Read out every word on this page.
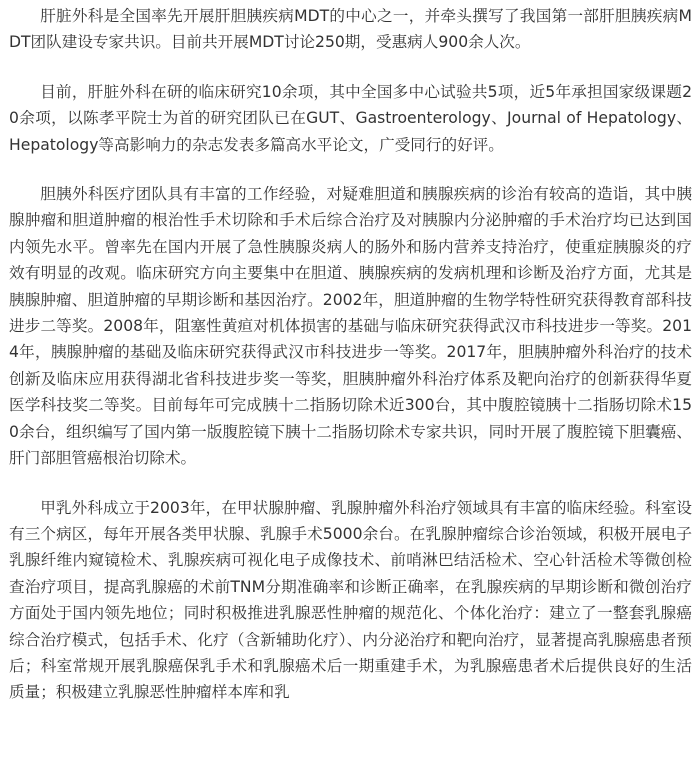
肝脏外科是全国率先开展肝胆胰疾病MDT的中心之一，并牵头撰写了我国第一部肝胆胰疾病MDT团队建设专家共识。目前共开展MDT讨论250期，受惠病人900余人次。

目前，肝脏外科在研的临床研究10余项，其中全国多中心试验共5项，近5年承担国家级课题20余项，以陈孝平院士为首的研究团队已在GUT、Gastroenterology、Journal of Hepatology、Hepatology等高影响力的杂志发表多篇高水平论文，广受同行的好评。

胆胰外科医疗团队具有丰富的工作经验，对疑难胆道和胰腺疾病的诊治有较高的造诣，其中胰腺肿瘤和胆道肿瘤的根治性手术切除和手术后综合治疗及对胰腺内分泌肿瘤的手术治疗均已达到国内领先水平。曾率先在国内开展了急性胰腺炎病人的肠外和肠内营养支持治疗，使重症胰腺炎的疗效有明显的改观。临床研究方向主要集中在胆道、胰腺疾病的发病机理和诊断及治疗方面，尤其是胰腺肿瘤、胆道肿瘤的早期诊断和基因治疗。2002年，胆道肿瘤的生物学特性研究获得教育部科技进步二等奖。2008年，阻塞性黄疸对机体损害的基础与临床研究获得武汉市科技进步一等奖。2014年，胰腺肿瘤的基础及临床研究获得武汉市科技进步一等奖。2017年，胆胰肿瘤外科治疗的技术创新及临床应用获得湖北省科技进步奖一等奖，胆胰肿瘤外科治疗体系及靶向治疗的创新获得华夏医学科技奖二等奖。目前每年可完成胰十二指肠切除术近300台，其中腹腔镜胰十二指肠切除术150余台，组织编写了国内第一版腹腔镜下胰十二指肠切除术专家共识，同时开展了腹腔镜下胆囊癌、肝门部胆管癌根治切除术。

甲乳外科成立于2003年，在甲状腺肿瘤、乳腺肿瘤外科治疗领域具有丰富的临床经验。科室设有三个病区，每年开展各类甲状腺、乳腺手术5000余台。在乳腺肿瘤综合诊治领域，积极开展电子乳腺纤维内窥镜检术、乳腺疾病可视化电子成像技术、前哨淋巴结活检术、空心针活检术等微创检查治疗项目，提高乳腺癌的术前TNM分期准确率和诊断正确率，在乳腺疾病的早期诊断和微创治疗方面处于国内领先地位；同时积极推进乳腺恶性肿瘤的规范化、个体化治疗：建立了一整套乳腺癌综合治疗模式，包括手术、化疗（含新辅助化疗）、内分泌治疗和靶向治疗，显著提高乳腺癌患者预后；科室常规开展乳腺癌保乳手术和乳腺癌术后一期重建手术，为乳腺癌患者术后提供良好的生活质量；积极建立乳腺恶性肿瘤样本库和乳
